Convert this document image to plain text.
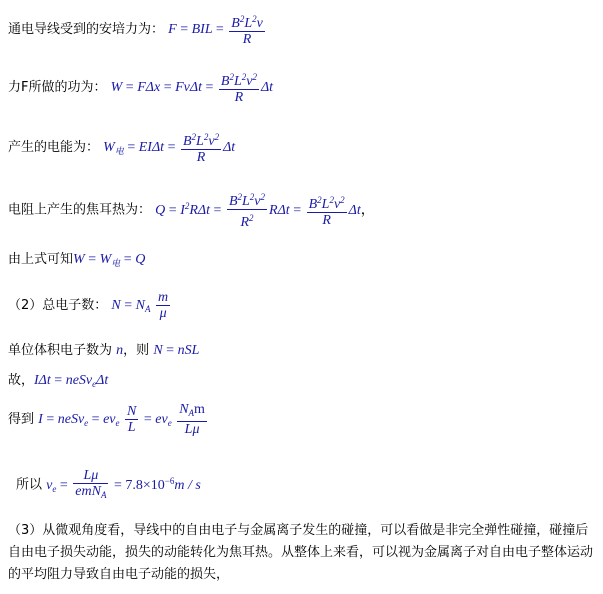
通电导线受到的安培力为： F = BIL = $\frac{B^2L^2v}{R}$
力F所做的功为： $W = F\Delta x = Fv\Delta t = \frac{B^2L^2v^2}{R}$ Δt
产生的电能为： $W_电 = EI\Delta t = \frac{B^2L^2v^2}{R}$ Δt
电阻上产生的焦耳热为： $Q = I^2R\Delta t = \frac{B^2L^2v^2}{R^2}$ $R\Delta t = \frac{B^2L^2v^2}{R}$ Δt，
由上式可知$W = W_电 = Q$
（2）总电子数： $N = N_A \frac{m}{\mu}$
单位体积电子数为 n，则 N = nSL
故，IΔt = neSv$_e$Δt
得到 I = neSv$_e$ = $ev_e \frac{N}{L} = ev_e \frac{N_Am}{L\mu}$
所以 $v_e = \frac{L\mu}{emN_A} = 7.8\times 10^{-6}m / s$
（3）从微观角度看，导线中的自由电子与金属离子发生的碰撞，可以看做是非完全弹性碰撞，碰撞后自由电子损失动能，损失的动能转化为焦耳热。从整体上来看，可以视为金属离子对自由电子整体运动的平均阻力导致自由电子动能的损失，
